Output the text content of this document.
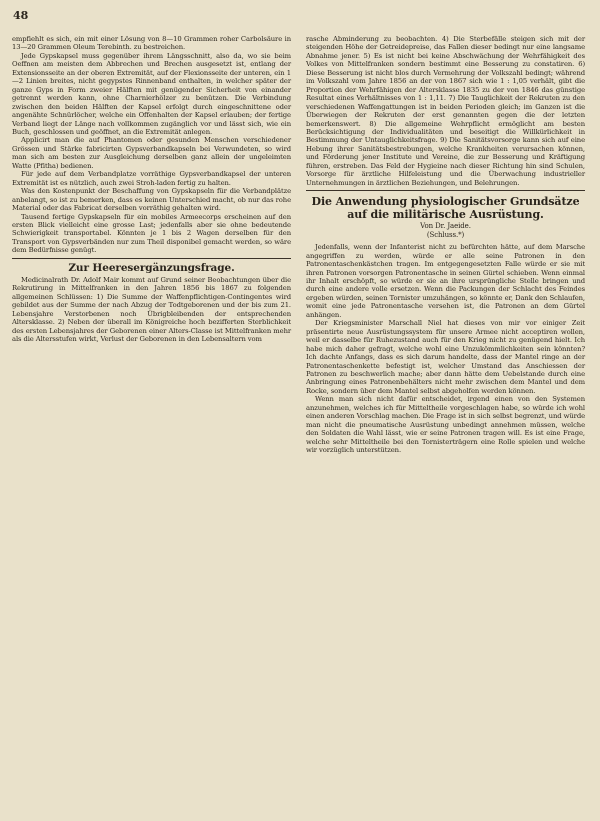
48

empfiehlt es sich, ein mit einer Lösung von 8—10 Grammen roher Carbolsäure in 13—20 Grammen Oleum Terebinth. zu bestreichen.

Jede Gypskapsel muss gegenüber ihrem Längsschnitt, also da, wo sie beim Oeffnen am meisten dem Abbrechen und Brechen ausgesetzt ist, entlang der Extensionsseite an der oberen Extremität, auf der Flexionsseite der unteren, ein 1—2 Linien breites, nicht gegypstes Rinnenband enthalten, in welcher später der ganze Gyps in Form zweier Hälften mit genügender Sicherheit von einander getrennt werden kann, ohne Charnierhölzer zu benützen. Die Verbindung zwischen den beiden Hälften der Kapsel erfolgt durch eingeschnittene oder angenähte Schnürlöcher, welche ein Offenhalten der Kapsel erlauben; der fertige Verband liegt der Länge nach vollkommen zugänglich vor und lässt sich, wie ein Buch, geschlossen und geöffnet, an die Extremität anlegen.

Applicirt man die auf Phantomen oder gesunden Menschen verschiedener Grössen und Stärke fabricirten Gypsverbandkapseln bei Verwundeten, so wird man sich am besten zur Ausgleichung derselben ganz allein der ungeleimten Watte (Pfitha) bedienen.

Für jede auf dem Verbandplatze vorräthige Gypsverbandkapsel der unteren Extremität ist es nützlich, auch zwei Stroh-laden fertig zu halten.

Was den Kostenpunkt der Beschaffung von Gypskapseln für die Verbandplätze anbelangt, so ist zu bemerken, dass es keinen Unterschied macht, ob nur das rohe Material oder das Fabricat derselben vorräthig gehalten wird.

Tausend fertige Gypskapseln für ein mobiles Armeecorps erscheinen auf den ersten Blick vielleicht eine grosse Last; jedenfalls aber sie ohne bedeutende Schwierigkeit transportabel. Könnten je 1 bis 2 Wagen derselben für den Transport von Gypsverbänden nur zum Theil disponibel gemacht werden, so wäre dem Bedürfnisse genügt.

Zur Heeresergänzungsfrage.

Medicinalrath Dr. Adolf Mair kommt auf Grund seiner Beobachtungen über die Rekrutirung in Mittelfranken in den Jahren 1856 bis 1867 zu folgenden allgemeinen Schlüssen: 1) Die Summe der Waffenpflichtigen-Contingentes wird gebildet aus der Summe der nach Abzug der Todtgeborenen und der bis zum 21. Lebensjahre Verstorbenen noch Übrigbleibenden der entsprechenden Altersklasse. 2) Neben der überall im Königreiche hoch bezifferten Sterblichkeit des ersten Lebensjahres der Geborenen einer Alters-Classe ist Mittelfranken mehr als die Altersstufen wirkt, Verlust der Geborenen in den Lebensaltern vom

rasche Abminderung zu beobachten. 4) Die Sterbefälle steigen sich mit der steigenden Höhe der Getreidepreise, das Fallen dieser bedingt nur eine langsame Abnahme jener. 5) Es ist nicht bei keine Abschwächung der Wehrfähigkeit des Volkes von Mittelfranken sondern bestimmt eine Besserung zu constatiren. 6) Diese Besserung ist nicht blos durch Vermehrung der Volkszahl bedingt; während im Volkszahl vom Jahre 1856 an der von 1867 sich wie 1 : 1,05 verhält, gibt die Proportion der Wehrfähigen der Altersklasse 1835 zu der von 1846 das günstige Resultat eines Verhältnisses von 1 : 1,11. 7) Die Tauglichkeit der Rekruten zu den verschiedenen Waffengattungen ist in beiden Perioden gleich; im Ganzen ist die Überwiegen der Rekruten der erst genannten gegen die der letzten bemerkenswert. 8) Die allgemeine Wehrpflicht ermöglicht am besten Berücksichtigung der Individualitäten und beseitigt die Willkürlichkeit in Bestimmung der Untauglichkeitsfrage. 9) Die Sanitätsvorsorge kann sich auf eine Hebung ihrer Sanitätsbestrebungen, welche Krankheiten verursachen können, und Förderung jener Institute und Vereine, die zur Besserung und Kräftigung führen, erstreben. Das Feld der Hygieine nach dieser Richtung hin sind Schulen, Vorsorge für ärztliche Hilfeleistung und die Überwachung industrieller Unternehmungen in ärztlichen Beziehungen, und Belehrungen.

Die Anwendung physiologischer Grundsätze auf die militärische Ausrüstung.
Von Dr. Jaeide.
(Schluss.*)

Jedenfalls, wenn der Infanterist nicht zu befürchten hätte, auf dem Marsche angegriffen zu werden, würde er alle seine Patronen in den Patronentaschenkästchen tragen. Im entgegengesetzten Falle würde er sie mit ihren Patronen vorsorgen Patronentasche in seinen Gürtel schieben. Wenn einmal ihr Inhalt erschöpft, so würde er sie an ihre ursprüngliche Stelle bringen und durch eine andere volle ersetzen. Wenn die Packungen der Schlacht des Feindes ergeben würden, seinen Tornister umzuhängen, so könnte er, Dank den Schlaufen, womit eine jede Patronentasche versehen ist, die Patronen an dem Gürtel anhängen.

Der Kriegsminister Marschall Niel hat dieses von mir vor einiger Zeit präsentirte neue Ausrüstungssystem für unsere Armee nicht acceptiren wollen, weil er dasselbe für Ruhezustand auch für den Krieg nicht zu genügend hielt. Ich habe mich daher gefragt, welche wohl eine Unzukömmlichkeiten sein könnten? Ich dachte Anfangs, dass es sich darum handelte, dass der Mantel ringe an der Patronentaschenkette befestigt ist, welcher Umstand das Anschiessen der Patronen zu beschwerlich mache; aber dann hätte dem Uebelstande durch eine Anbringung eines Patronenbehälters nicht mehr zwischen dem Mantel und dem Rocke, sondern über dem Mantel selbst abgeholfen werden können.

Wenn man sich nicht dafür entscheidet, irgend einen von den Systemen anzunehmen, welches ich für Mitteltheile vorgeschlagen habe, so würde ich wohl einen anderen Vorschlag machen. Die Frage ist in sich selbst begrenzt, und würde man nicht die pneumatische Ausrüstung unbedingt annehmen müssen, welche den Soldaten die Wahl lässt, wie er seine Patronen tragen will. Es ist eine Frage, welche sehr Mitteltheile bei den Tornisterträgern eine Rolle spielen und welche wir vorzüglich unterstützen.
